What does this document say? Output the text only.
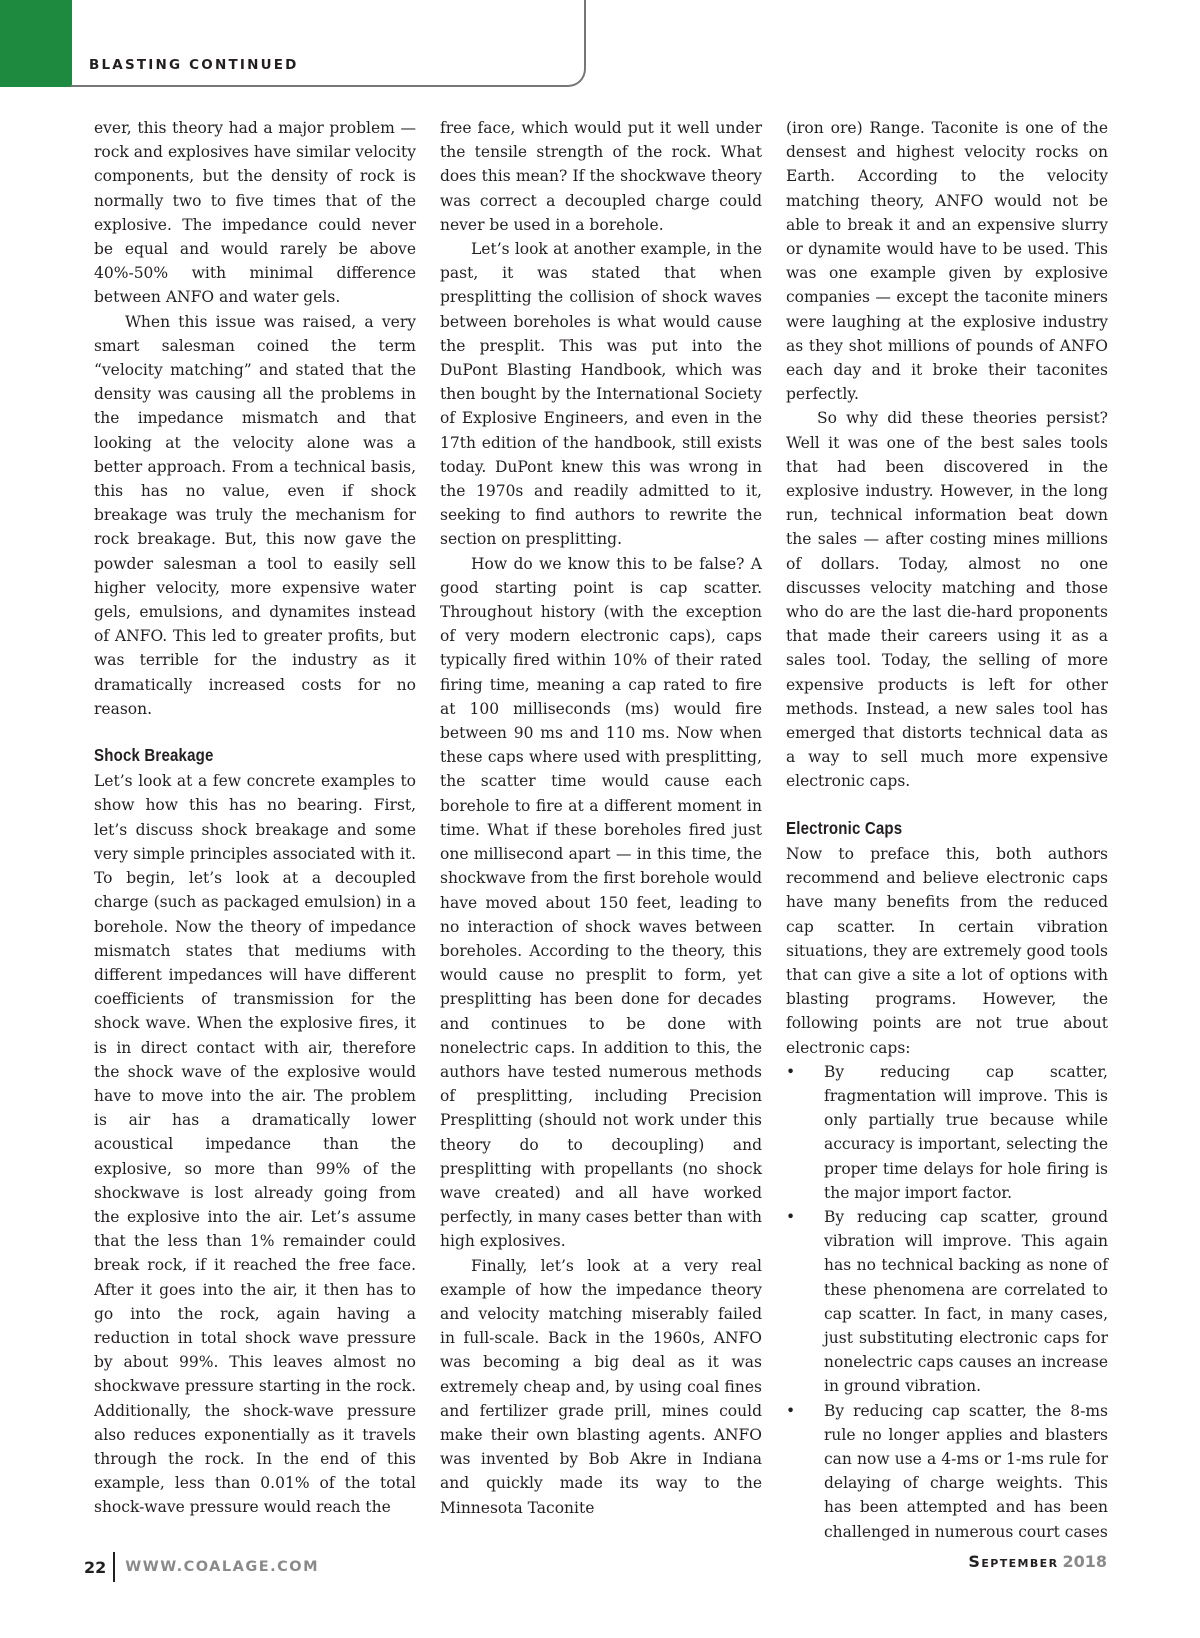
BLASTING CONTINUED

ever, this theory had a major problem — rock and explosives have similar velocity components, but the density of rock is normally two to five times that of the explosive. The impedance could never be equal and would rarely be above 40%-50% with minimal difference between ANFO and water gels.

When this issue was raised, a very smart salesman coined the term “velocity matching” and stated that the density was causing all the problems in the impedance mismatch and that looking at the velocity alone was a better approach. From a technical basis, this has no value, even if shock breakage was truly the mechanism for rock breakage. But, this now gave the powder salesman a tool to easily sell higher velocity, more expensive water gels, emulsions, and dynamites instead of ANFO. This led to greater profits, but was terrible for the industry as it dramatically increased costs for no reason.

Shock Breakage

Let’s look at a few concrete examples to show how this has no bearing. First, let’s discuss shock breakage and some very simple principles associated with it. To begin, let’s look at a decoupled charge (such as packaged emulsion) in a borehole. Now the theory of impedance mismatch states that mediums with different impedances will have different coefficients of transmission for the shock wave. When the explosive fires, it is in direct contact with air, therefore the shock wave of the explosive would have to move into the air. The problem is air has a dramatically lower acoustical impedance than the explosive, so more than 99% of the shockwave is lost already going from the explosive into the air. Let’s assume that the less than 1% remainder could break rock, if it reached the free face. After it goes into the air, it then has to go into the rock, again having a reduction in total shock wave pressure by about 99%. This leaves almost no shockwave pressure starting in the rock. Additionally, the shock-wave pressure also reduces exponentially as it travels through the rock. In the end of this example, less than 0.01% of the total shock-wave pressure would reach the

free face, which would put it well under the tensile strength of the rock. What does this mean? If the shockwave theory was correct a decoupled charge could never be used in a borehole.

Let’s look at another example, in the past, it was stated that when presplitting the collision of shock waves between boreholes is what would cause the presplit. This was put into the DuPont Blasting Handbook, which was then bought by the International Society of Explosive Engineers, and even in the 17th edition of the handbook, still exists today. DuPont knew this was wrong in the 1970s and readily admitted to it, seeking to find authors to rewrite the section on presplitting.

How do we know this to be false? A good starting point is cap scatter. Throughout history (with the exception of very modern electronic caps), caps typically fired within 10% of their rated firing time, meaning a cap rated to fire at 100 milliseconds (ms) would fire between 90 ms and 110 ms. Now when these caps where used with presplitting, the scatter time would cause each borehole to fire at a different moment in time. What if these boreholes fired just one millisecond apart — in this time, the shockwave from the first borehole would have moved about 150 feet, leading to no interaction of shock waves between boreholes. According to the theory, this would cause no presplit to form, yet presplitting has been done for decades and continues to be done with nonelectric caps. In addition to this, the authors have tested numerous methods of presplitting, including Precision Presplitting (should not work under this theory do to decoupling) and presplitting with propellants (no shock wave created) and all have worked perfectly, in many cases better than with high explosives.

Finally, let’s look at a very real example of how the impedance theory and velocity matching miserably failed in full-scale. Back in the 1960s, ANFO was becoming a big deal as it was extremely cheap and, by using coal fines and fertilizer grade prill, mines could make their own blasting agents. ANFO was invented by Bob Akre in Indiana and quickly made its way to the Minnesota Taconite

(iron ore) Range. Taconite is one of the densest and highest velocity rocks on Earth. According to the velocity matching theory, ANFO would not be able to break it and an expensive slurry or dynamite would have to be used. This was one example given by explosive companies — except the taconite miners were laughing at the explosive industry as they shot millions of pounds of ANFO each day and it broke their taconites perfectly.

So why did these theories persist? Well it was one of the best sales tools that had been discovered in the explosive industry. However, in the long run, technical information beat down the sales — after costing mines millions of dollars. Today, almost no one discusses velocity matching and those who do are the last die-hard proponents that made their careers using it as a sales tool. Today, the selling of more expensive products is left for other methods. Instead, a new sales tool has emerged that distorts technical data as a way to sell much more expensive electronic caps.

Electronic Caps

Now to preface this, both authors recommend and believe electronic caps have many benefits from the reduced cap scatter. In certain vibration situations, they are extremely good tools that can give a site a lot of options with blasting programs. However, the following points are not true about electronic caps:

• By reducing cap scatter, fragmentation will improve. This is only partially true because while accuracy is important, selecting the proper time delays for hole firing is the major import factor.
• By reducing cap scatter, ground vibration will improve. This again has no technical backing as none of these phenomena are correlated to cap scatter. In fact, in many cases, just substituting electronic caps for nonelectric caps causes an increase in ground vibration.
• By reducing cap scatter, the 8-ms rule no longer applies and blasters can now use a 4-ms or 1-ms rule for delaying of charge weights. This has been attempted and has been challenged in numerous court cases
22 WWW.COALAGE.COM	September 2018
